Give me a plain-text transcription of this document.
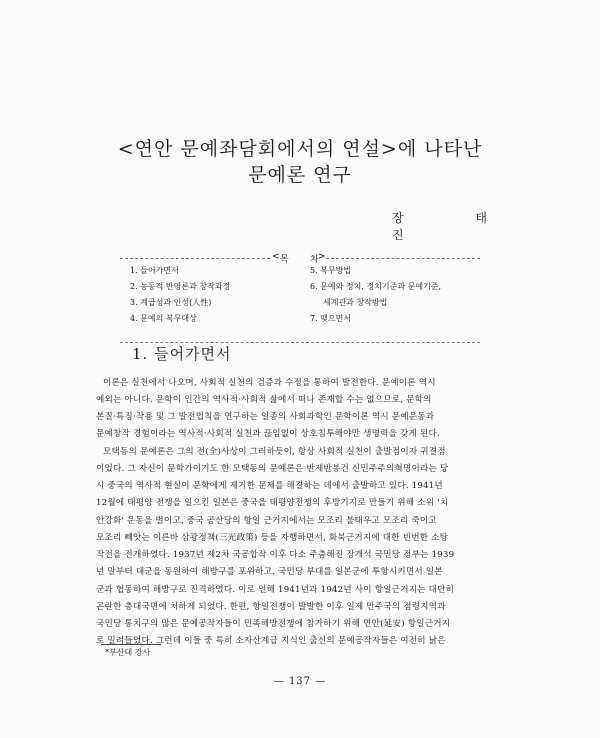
<연안 문예좌담회에서의 연설>에 나타난
문예론 연구
장 태 진
< 목 차 >
1. 들어가면서
2. 농동적 반영론과 창작과정
3. 계급성과 인성(人性)
4. 문예의 복무대상
5. 복무방법
6. 문예와 정치, 정치기준과 문예기준,
세계관과 창작방법
7. 맺으면서
1. 들어가면서
이론은 실천에서 나오며, 사회적 실천의 검증과 수정을 통하여 발전한다. 문예이론 역시
예외는 아니다. 문학이 인간의 역사적·사회적 삶에서 떠나 존재할 수는 없으므로, 문학의
본질·특징·작용 및 그 발전법칙을 연구하는 일종의 사회과학인 문학이론 역시 문예운동과
문예창작 경험이라는 역사적·사회적 실천과 끊임없이 상호침투해야만 생명력을 갖게 된다.
모택동의 문예론은 그의 전(全)사상이 그러하듯이, 항상 사회적 실천이 출발점이자 귀결점
이었다. 그 자신이 문학가이기도 한 모택동의 문예론은 반제반봉건 신민주주의혁명이라는 당
시 중국의 역사적 현실이 문학에게 제기한 문제를 해결하는 데에서 출발하고 있다. 1941년
12월에 태평양 전쟁을 일으킨 일본은 중국을 태평양전쟁의 후방기지로 만들기 위해 소위 '치
안강화' 운동을 벌이고, 중국 공산당의 항일 근거지에서는 모조리 불태우고 모조리 죽이고
모조리 빼앗는 이른바 삼광정책(三光政策) 등을 자행하면서, 화북근거지에 대한 빈번한 소탕
작전을 전개하였다. 1937년 제2차 국공합작 이후 다소 주춤해진 장개석 국민당 정부는 1939
년 말부터 대군을 동원하여 해방구를 포위하고, 국민당 부대를 일본군에 투항시키면서 일본
군과 협동하여 해방구로 진격하였다. 이로 인해 1941년과 1942년 사이 항일근거지는 대단히
곤란한 층대국면에 처하게 되었다. 한편, 항일전쟁이 발발한 이후 일제 만주국의 점령지역과
국민당 통치구의 많은 문예공작자들이 민족해방전쟁에 참가하기 위해 연안(延安) 항일근거지
로 밀려들었다. 그런데 이들 중 특히 소자산계급 지식인 출신의 문예공작자들은 여전히 낡은
*부산대 강사
— 137 —
